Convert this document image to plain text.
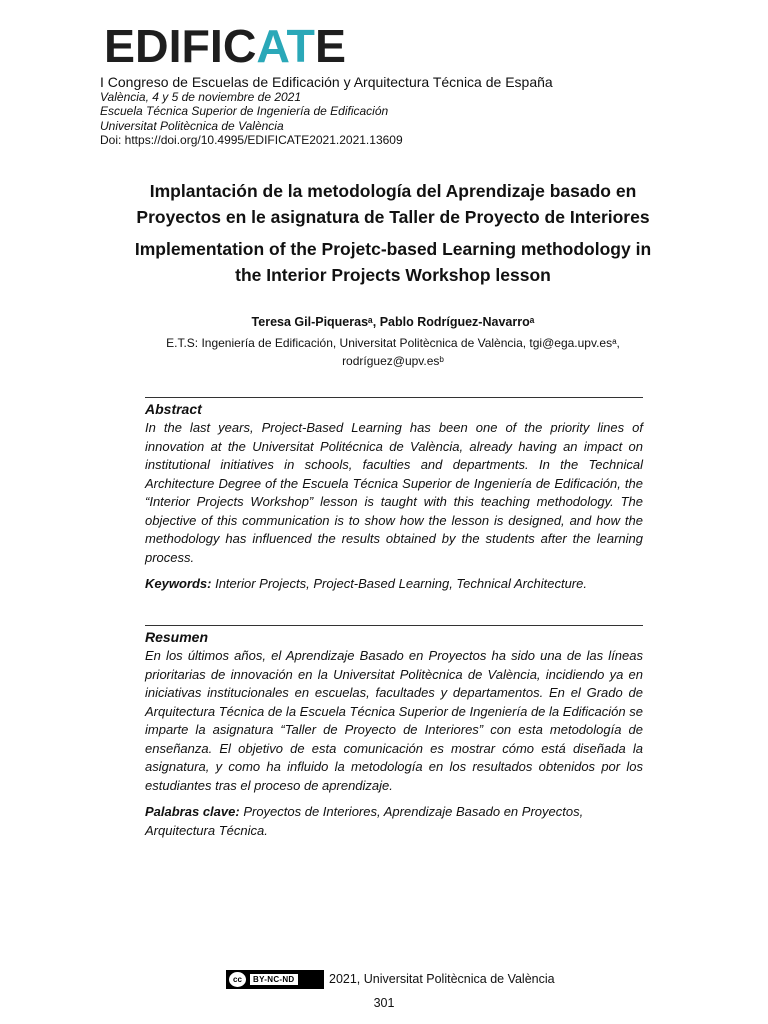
EDIFICATE
I Congreso de Escuelas de Edificación y Arquitectura Técnica de España
València, 4 y 5 de noviembre de 2021
Escuela Técnica Superior de Ingeniería de Edificación
Universitat Politècnica de València
Doi: https://doi.org/10.4995/EDIFICATE2021.2021.13609
Implantación de la metodología del Aprendizaje basado en
Proyectos en le asignatura de Taller de Proyecto de Interiores
Implementation of the Projetc-based Learning methodology in
the Interior Projects Workshop lesson
Teresa Gil-Piquerasᵃ, Pablo Rodríguez-Navarroᵃ
E.T.S: Ingeniería de Edificación, Universitat Politècnica de València, tgi@ega.upv.esᵃ,
rodríguez@upv.esᵇ
Abstract

In the last years, Project-Based Learning has been one of the priority lines of innovation at the Universitat Politécnica de València, already having an impact on institutional initiatives in schools, faculties and departments. In the Technical Architecture Degree of the Escuela Técnica Superior de Ingeniería de Edificación, the “Interior Projects Workshop” lesson is taught with this teaching methodology. The objective of this communication is to show how the lesson is designed, and how the methodology has influenced the results obtained by the students after the learning process.

Keywords: Interior Projects, Project-Based Learning, Technical Architecture.

Resumen

En los últimos años, el Aprendizaje Basado en Proyectos ha sido una de las líneas prioritarias de innovación en la Universitat Politècnica de València, incidiendo ya en iniciativas institucionales en escuelas, facultades y departamentos. En el Grado de Arquitectura Técnica de la Escuela Técnica Superior de Ingeniería de la Edificación se imparte la asignatura “Taller de Proyecto de Interiores” con esta metodología de enseñanza. El objetivo de esta comunicación es mostrar cómo está diseñada la asignatura, y como ha influido la metodología en los resultados obtenidos por los estudiantes tras el proceso de aprendizaje.

Palabras clave: Proyectos de Interiores, Aprendizaje Basado en Proyectos, Arquitectura Técnica.

cc	BY-NC-ND	2021, Universitat Politècnica de València
301
